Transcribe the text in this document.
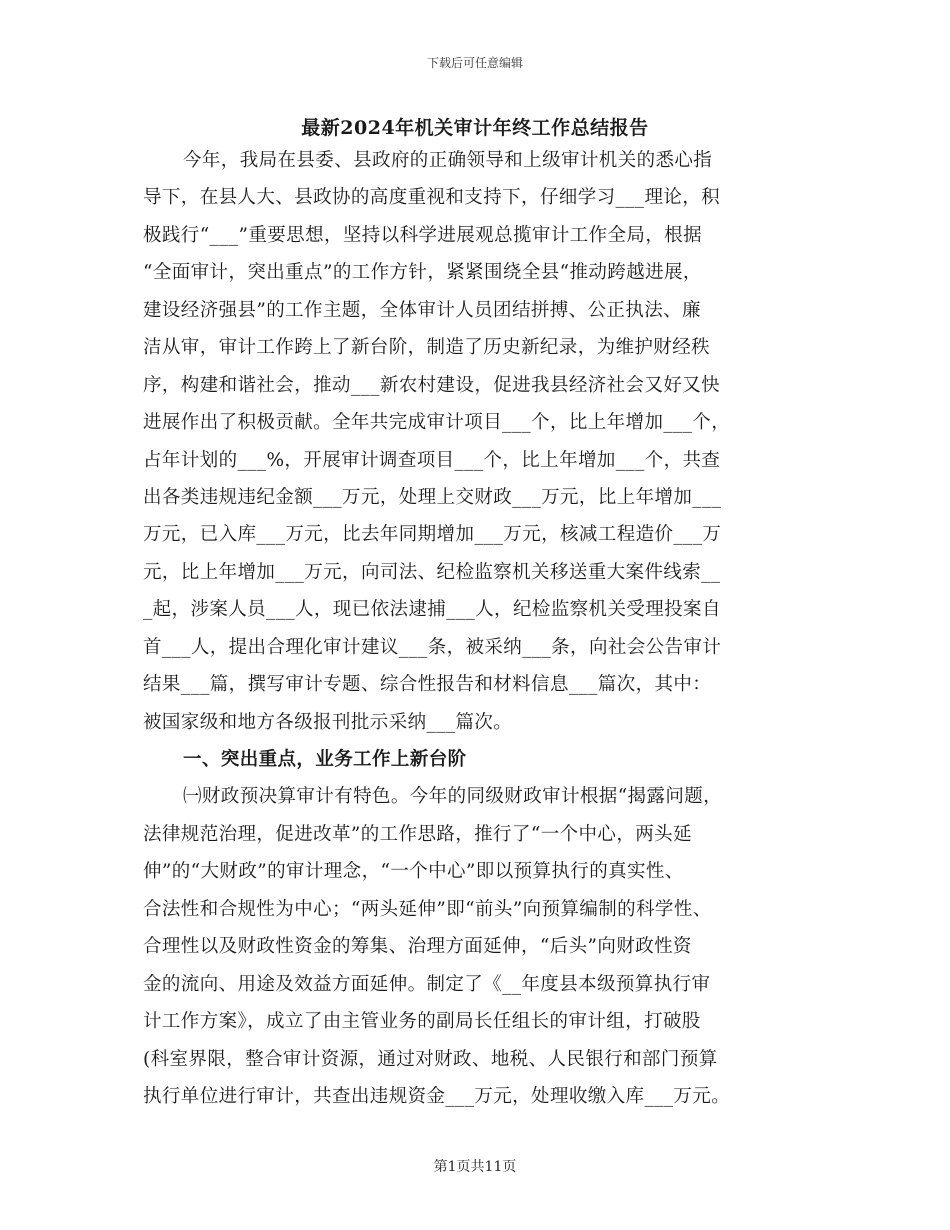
下载后可任意编辑
最新2024年机关审计年终工作总结报告
今年，我局在县委、县政府的正确领导和上级审计机关的悉心指
导下，在县人大、县政协的高度重视和支持下，仔细学习___理论，积
极践行“___”重要思想，坚持以科学进展观总揽审计工作全局，根据
“全面审计，突出重点”的工作方针，紧紧围绕全县“推动跨越进展，
建设经济强县”的工作主题，全体审计人员团结拼搏、公正执法、廉
洁从审，审计工作跨上了新台阶，制造了历史新纪录，为维护财经秩
序，构建和谐社会，推动___新农村建设，促进我县经济社会又好又快
进展作出了积极贡献。全年共完成审计项目___个，比上年增加___个，
占年计划的___%，开展审计调查项目___个，比上年增加___个，共查
出各类违规违纪金额___万元，处理上交财政___万元，比上年增加___
万元，已入库___万元，比去年同期增加___万元，核减工程造价___万
元，比上年增加___万元，向司法、纪检监察机关移送重大案件线索__
_起，涉案人员___人，现已依法逮捕___人，纪检监察机关受理投案自
首___人，提出合理化审计建议___条，被采纳___条，向社会公告审计
结果___篇，撰写审计专题、综合性报告和材料信息___篇次，其中：
被国家级和地方各级报刊批示采纳___篇次。
一、突出重点，业务工作上新台阶
㈠财政预决算审计有特色。今年的同级财政审计根据“揭露问题，
法律规范治理，促进改革”的工作思路，推行了“一个中心，两头延
伸”的“大财政”的审计理念，“一个中心”即以预算执行的真实性、
合法性和合规性为中心；“两头延伸”即“前头”向预算编制的科学性、
合理性以及财政性资金的筹集、治理方面延伸，“后头”向财政性资
金的流向、用途及效益方面延伸。制定了《__年度县本级预算执行审
计工作方案》，成立了由主管业务的副局长任组长的审计组，打破股
(科室界限，整合审计资源，通过对财政、地税、人民银行和部门预算
执行单位进行审计，共查出违规资金___万元，处理收缴入库___万元。
第1页共11页
